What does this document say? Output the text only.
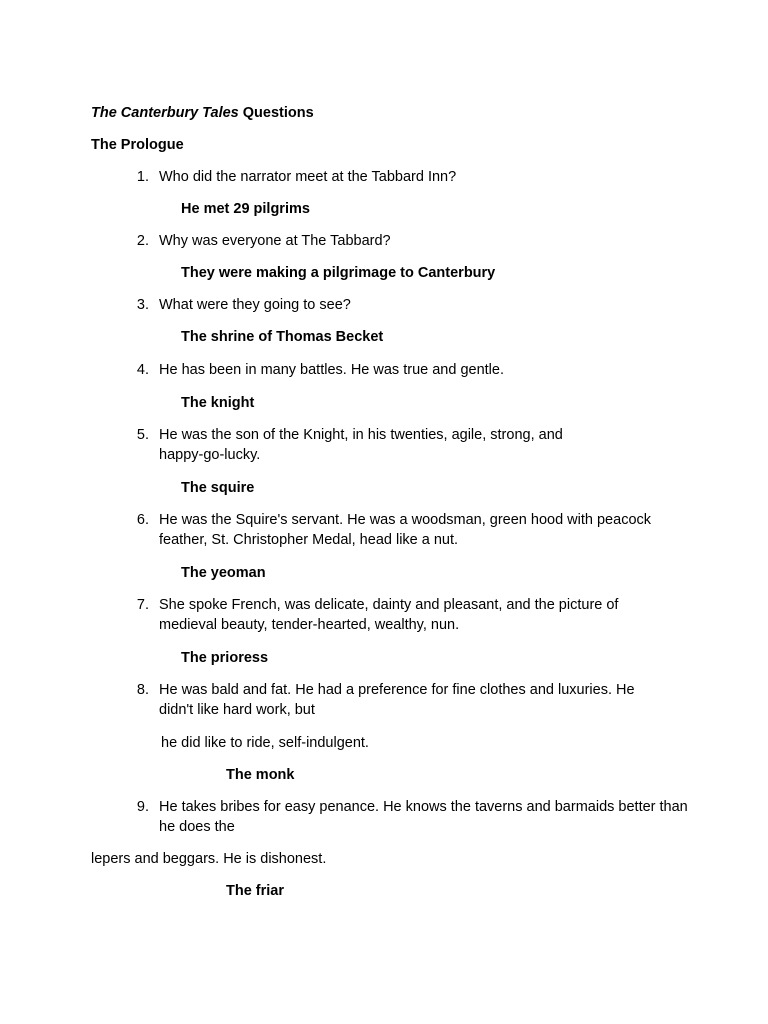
The Canterbury Tales Questions
The Prologue
1. Who did the narrator meet at the Tabbard Inn?
He met 29 pilgrims
2. Why was everyone at The Tabbard?
They were making a pilgrimage to Canterbury
3. What were they going to see?
The shrine of Thomas Becket
4. He has been in many battles. He was true and gentle.
The knight
5. He was the son of the Knight, in his twenties, agile, strong, and happy-go-lucky.
The squire
6. He was the Squire's servant. He was a woodsman, green hood with peacock feather, St. Christopher Medal, head like a nut.
The yeoman
7. She spoke French, was delicate, dainty and pleasant, and the picture of medieval beauty, tender-hearted, wealthy, nun.
The prioress
8. He was bald and fat. He had a preference for fine clothes and luxuries. He didn't like hard work, but
he did like to ride, self-indulgent.
The monk
9. He takes bribes for easy penance. He knows the taverns and barmaids better than he does the
lepers and beggars. He is dishonest.
The friar
